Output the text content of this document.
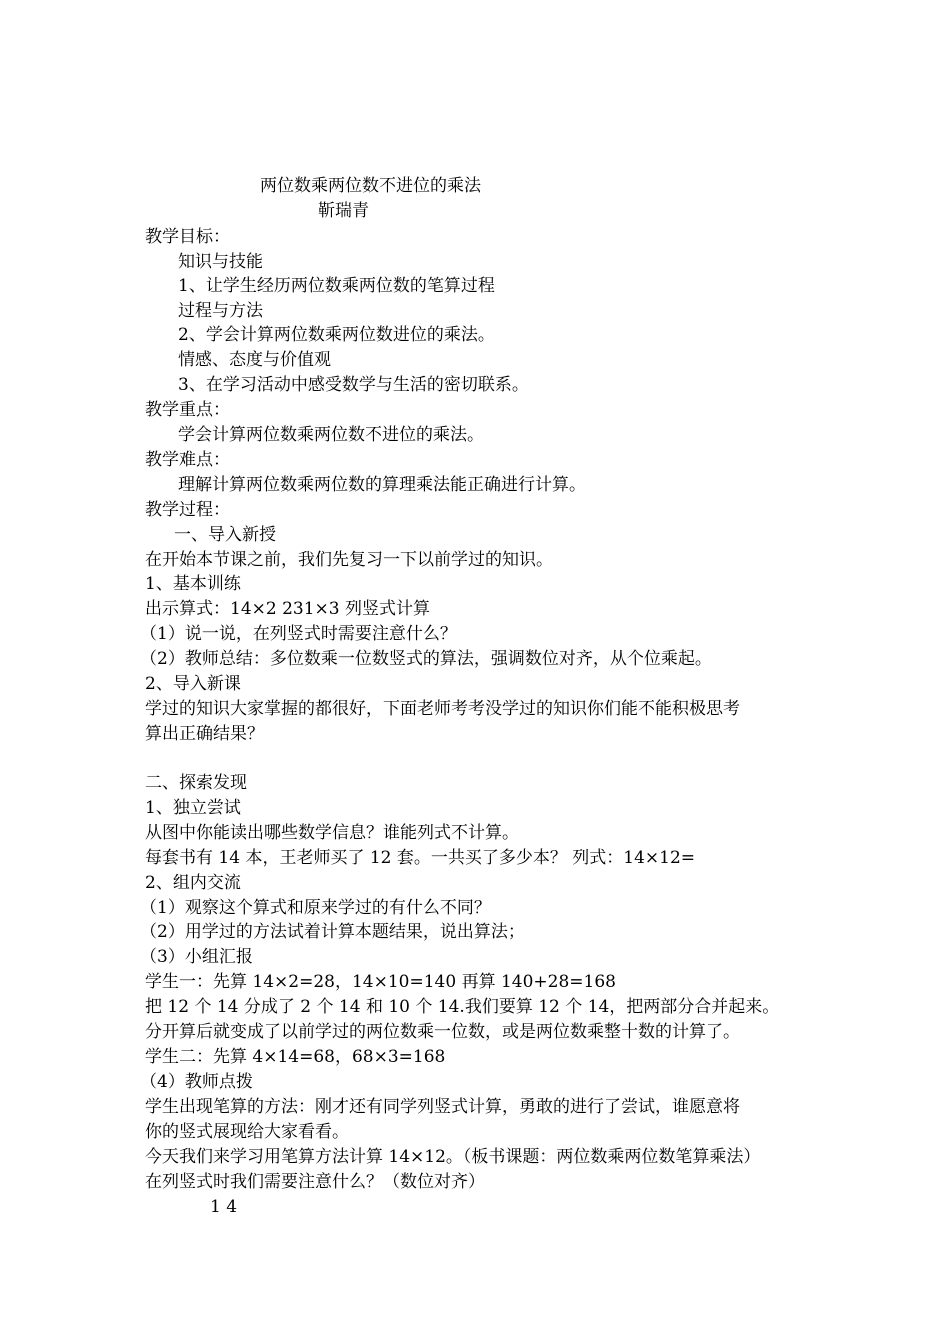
两位数乘两位数不进位的乘法
靳瑞青
教学目标：
知识与技能
1、让学生经历两位数乘两位数的笔算过程
过程与方法
2、学会计算两位数乘两位数进位的乘法。
情感、态度与价值观
3、在学习活动中感受数学与生活的密切联系。
教学重点：
学会计算两位数乘两位数不进位的乘法。
教学难点：
理解计算两位数乘两位数的算理乘法能正确进行计算。
教学过程：
一、导入新授
在开始本节课之前，我们先复习一下以前学过的知识。
1、基本训练
出示算式：14×2 231×3 列竖式计算
（1）说一说，在列竖式时需要注意什么？
（2）教师总结：多位数乘一位数竖式的算法，强调数位对齐，从个位乘起。
2、导入新课
学过的知识大家掌握的都很好，下面老师考考没学过的知识你们能不能积极思考
算出正确结果？
二、探索发现
1、独立尝试
从图中你能读出哪些数学信息？谁能列式不计算。
每套书有 14 本，王老师买了 12 套。一共买了多少本？ 列式：14×12=
2、组内交流
（1）观察这个算式和原来学过的有什么不同？
（2）用学过的方法试着计算本题结果，说出算法；
（3）小组汇报
学生一：先算 14×2=28，14×10=140 再算 140+28=168
把 12 个 14 分成了 2 个 14 和 10 个 14.我们要算 12 个 14，把两部分合并起来。
分开算后就变成了以前学过的两位数乘一位数，或是两位数乘整十数的计算了。
学生二：先算 4×14=68，68×3=168
（4）教师点拨
学生出现笔算的方法：刚才还有同学列竖式计算，勇敢的进行了尝试，谁愿意将
你的竖式展现给大家看看。
今天我们来学习用笔算方法计算 14×12。（板书课题：两位数乘两位数笔算乘法）
在列竖式时我们需要注意什么？（数位对齐）
1 4
